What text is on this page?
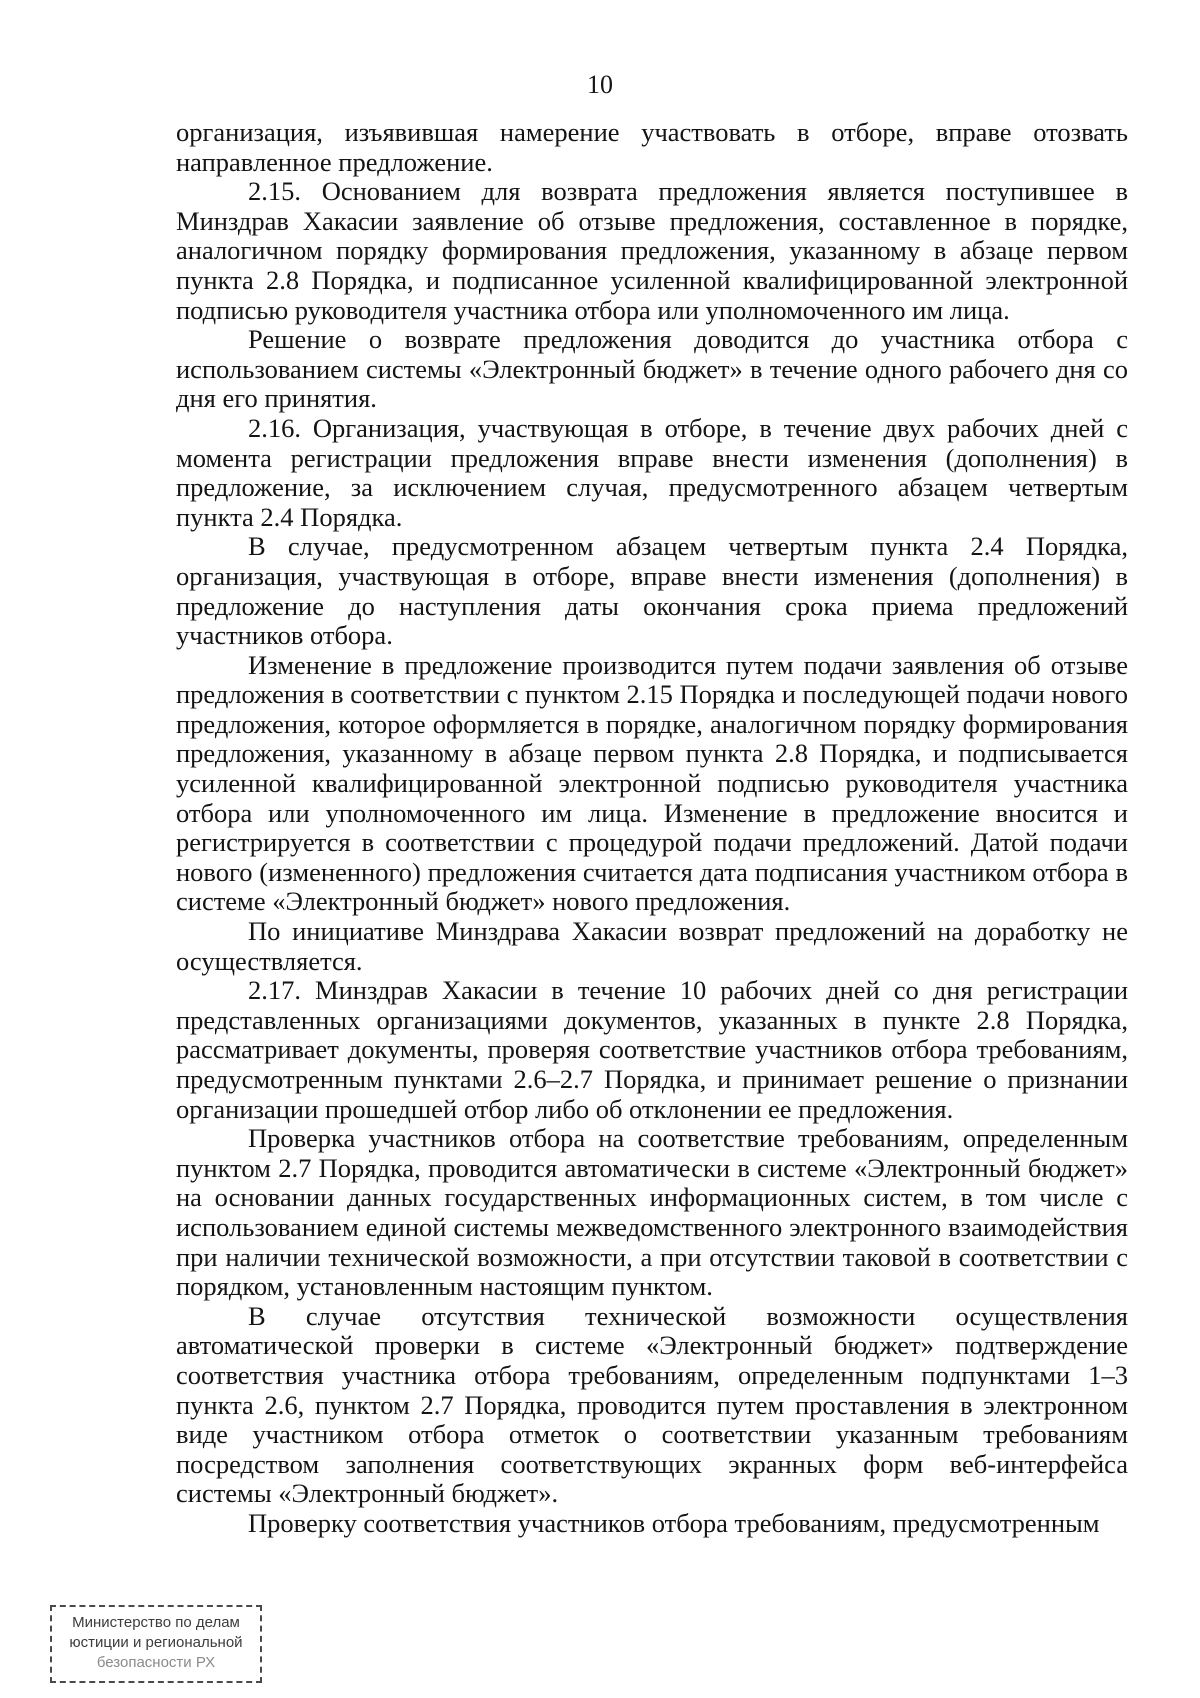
10

организация, изъявившая намерение участвовать в отборе, вправе отозвать направленное предложение.

2.15. Основанием для возврата предложения является поступившее в Минздрав Хакасии заявление об отзыве предложения, составленное в порядке, аналогичном порядку формирования предложения, указанному в абзаце первом пункта 2.8 Порядка, и подписанное усиленной квалифицированной электронной подписью руководителя участника отбора или уполномоченного им лица.

Решение о возврате предложения доводится до участника отбора с использованием системы «Электронный бюджет» в течение одного рабочего дня со дня его принятия.

2.16. Организация, участвующая в отборе, в течение двух рабочих дней с момента регистрации предложения вправе внести изменения (дополнения) в предложение, за исключением случая, предусмотренного абзацем четвертым пункта 2.4 Порядка.

В случае, предусмотренном абзацем четвертым пункта 2.4 Порядка, организация, участвующая в отборе, вправе внести изменения (дополнения) в предложение до наступления даты окончания срока приема предложений участников отбора.

Изменение в предложение производится путем подачи заявления об отзыве предложения в соответствии с пунктом 2.15 Порядка и последующей подачи нового предложения, которое оформляется в порядке, аналогичном порядку формирования предложения, указанному в абзаце первом пункта 2.8 Порядка, и подписывается усиленной квалифицированной электронной подписью руководителя участника отбора или уполномоченного им лица. Изменение в предложение вносится и регистрируется в соответствии с процедурой подачи предложений. Датой подачи нового (измененного) предложения считается дата подписания участником отбора в системе «Электронный бюджет» нового предложения.

По инициативе Минздрава Хакасии возврат предложений на доработку не осуществляется.

2.17. Минздрав Хакасии в течение 10 рабочих дней со дня регистрации представленных организациями документов, указанных в пункте 2.8 Порядка, рассматривает документы, проверяя соответствие участников отбора требованиям, предусмотренным пунктами 2.6–2.7 Порядка, и принимает решение о признании организации прошедшей отбор либо об отклонении ее предложения.

Проверка участников отбора на соответствие требованиям, определенным пунктом 2.7 Порядка, проводится автоматически в системе «Электронный бюджет» на основании данных государственных информационных систем, в том числе с использованием единой системы межведомственного электронного взаимодействия при наличии технической возможности, а при отсутствии таковой в соответствии с порядком, установленным настоящим пунктом.

В случае отсутствия технической возможности осуществления автоматической проверки в системе «Электронный бюджет» подтверждение соответствия участника отбора требованиям, определенным подпунктами 1–3 пункта 2.6, пунктом 2.7 Порядка, проводится путем проставления в электронном виде участником отбора отметок о соответствии указанным требованиям посредством заполнения соответствующих экранных форм веб-интерфейса системы «Электронный бюджет».

Проверку соответствия участников отбора требованиям, предусмотренным

Министерство по делам
юстиции и региональной
безопасности РХ
